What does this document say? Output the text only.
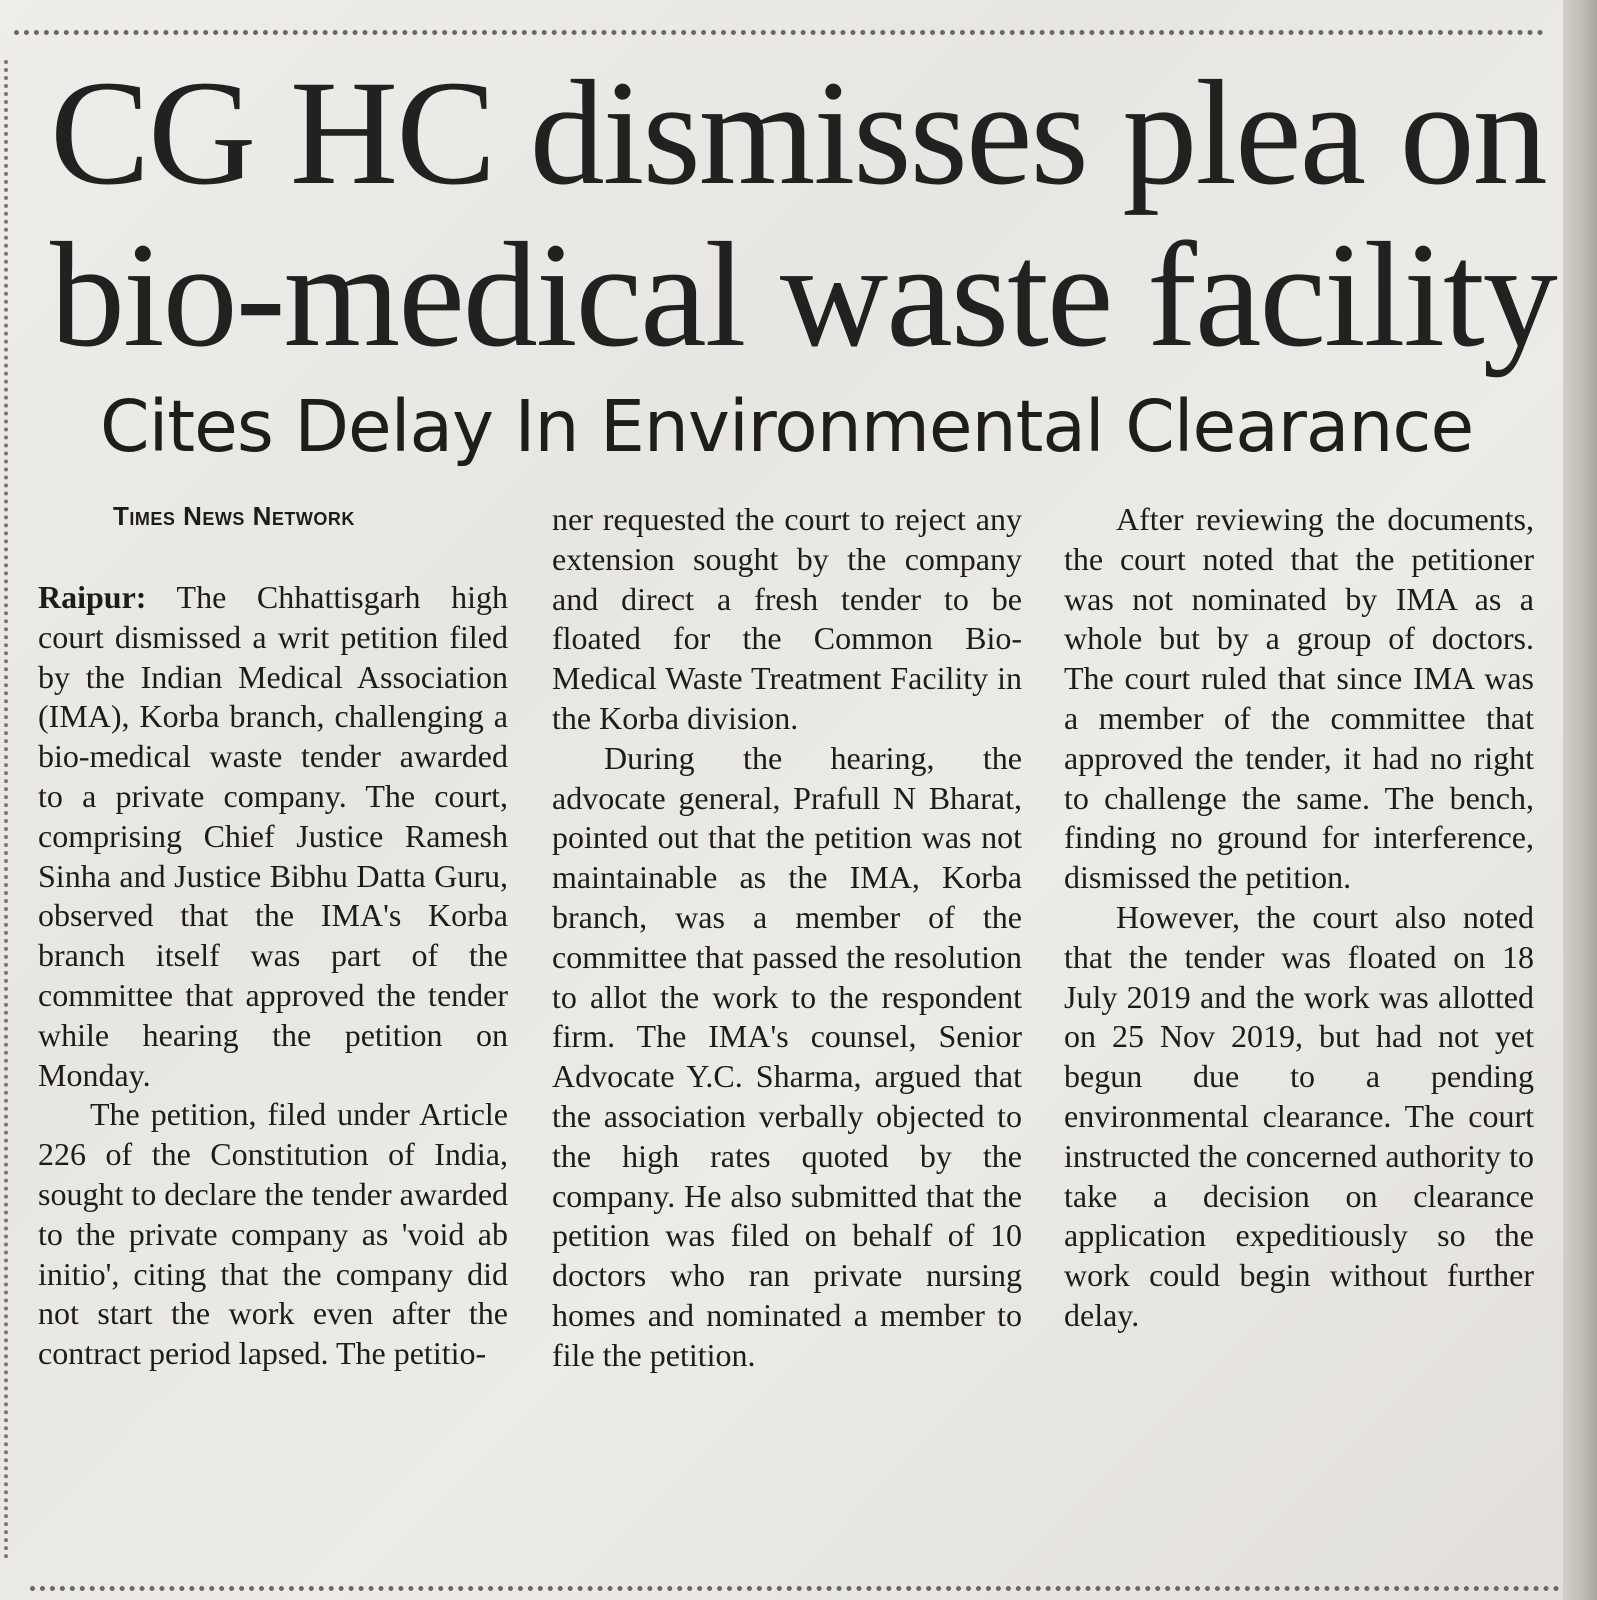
CG HC dismisses plea on
bio-medical waste facility
Cites Delay In Environmental Clearance
Times News Network

Raipur: The Chhattisgarh high court dismissed a writ petition filed by the Indian Medical Association (IMA), Korba branch, challenging a bio-medical waste tender awarded to a private company. The court, comprising Chief Justice Ramesh Sinha and Justice Bibhu Datta Guru, observed that the IMA's Korba branch itself was part of the committee that approved the tender while hearing the petition on Monday.

The petition, filed under Article 226 of the Constitution of India, sought to declare the tender awarded to the private company as 'void ab initio', citing that the company did not start the work even after the contract period lapsed. The petitio-

ner requested the court to reject any extension sought by the company and direct a fresh tender to be floated for the Common Bio-Medical Waste Treatment Facility in the Korba division.

During the hearing, the advocate general, Prafull N Bharat, pointed out that the petition was not maintainable as the IMA, Korba branch, was a member of the committee that passed the resolution to allot the work to the respondent firm. The IMA's counsel, Senior Advocate Y.C. Sharma, argued that the association verbally objected to the high rates quoted by the company. He also submitted that the petition was filed on behalf of 10 doctors who ran private nursing homes and nominated a member to file the petition.

After reviewing the documents, the court noted that the petitioner was not nominated by IMA as a whole but by a group of doctors. The court ruled that since IMA was a member of the committee that approved the tender, it had no right to challenge the same. The bench, finding no ground for interference, dismissed the petition.

However, the court also noted that the tender was floated on 18 July 2019 and the work was allotted on 25 Nov 2019, but had not yet begun due to a pending environmental clearance. The court instructed the concerned authority to take a decision on clearance application expeditiously so the work could begin without further delay.
